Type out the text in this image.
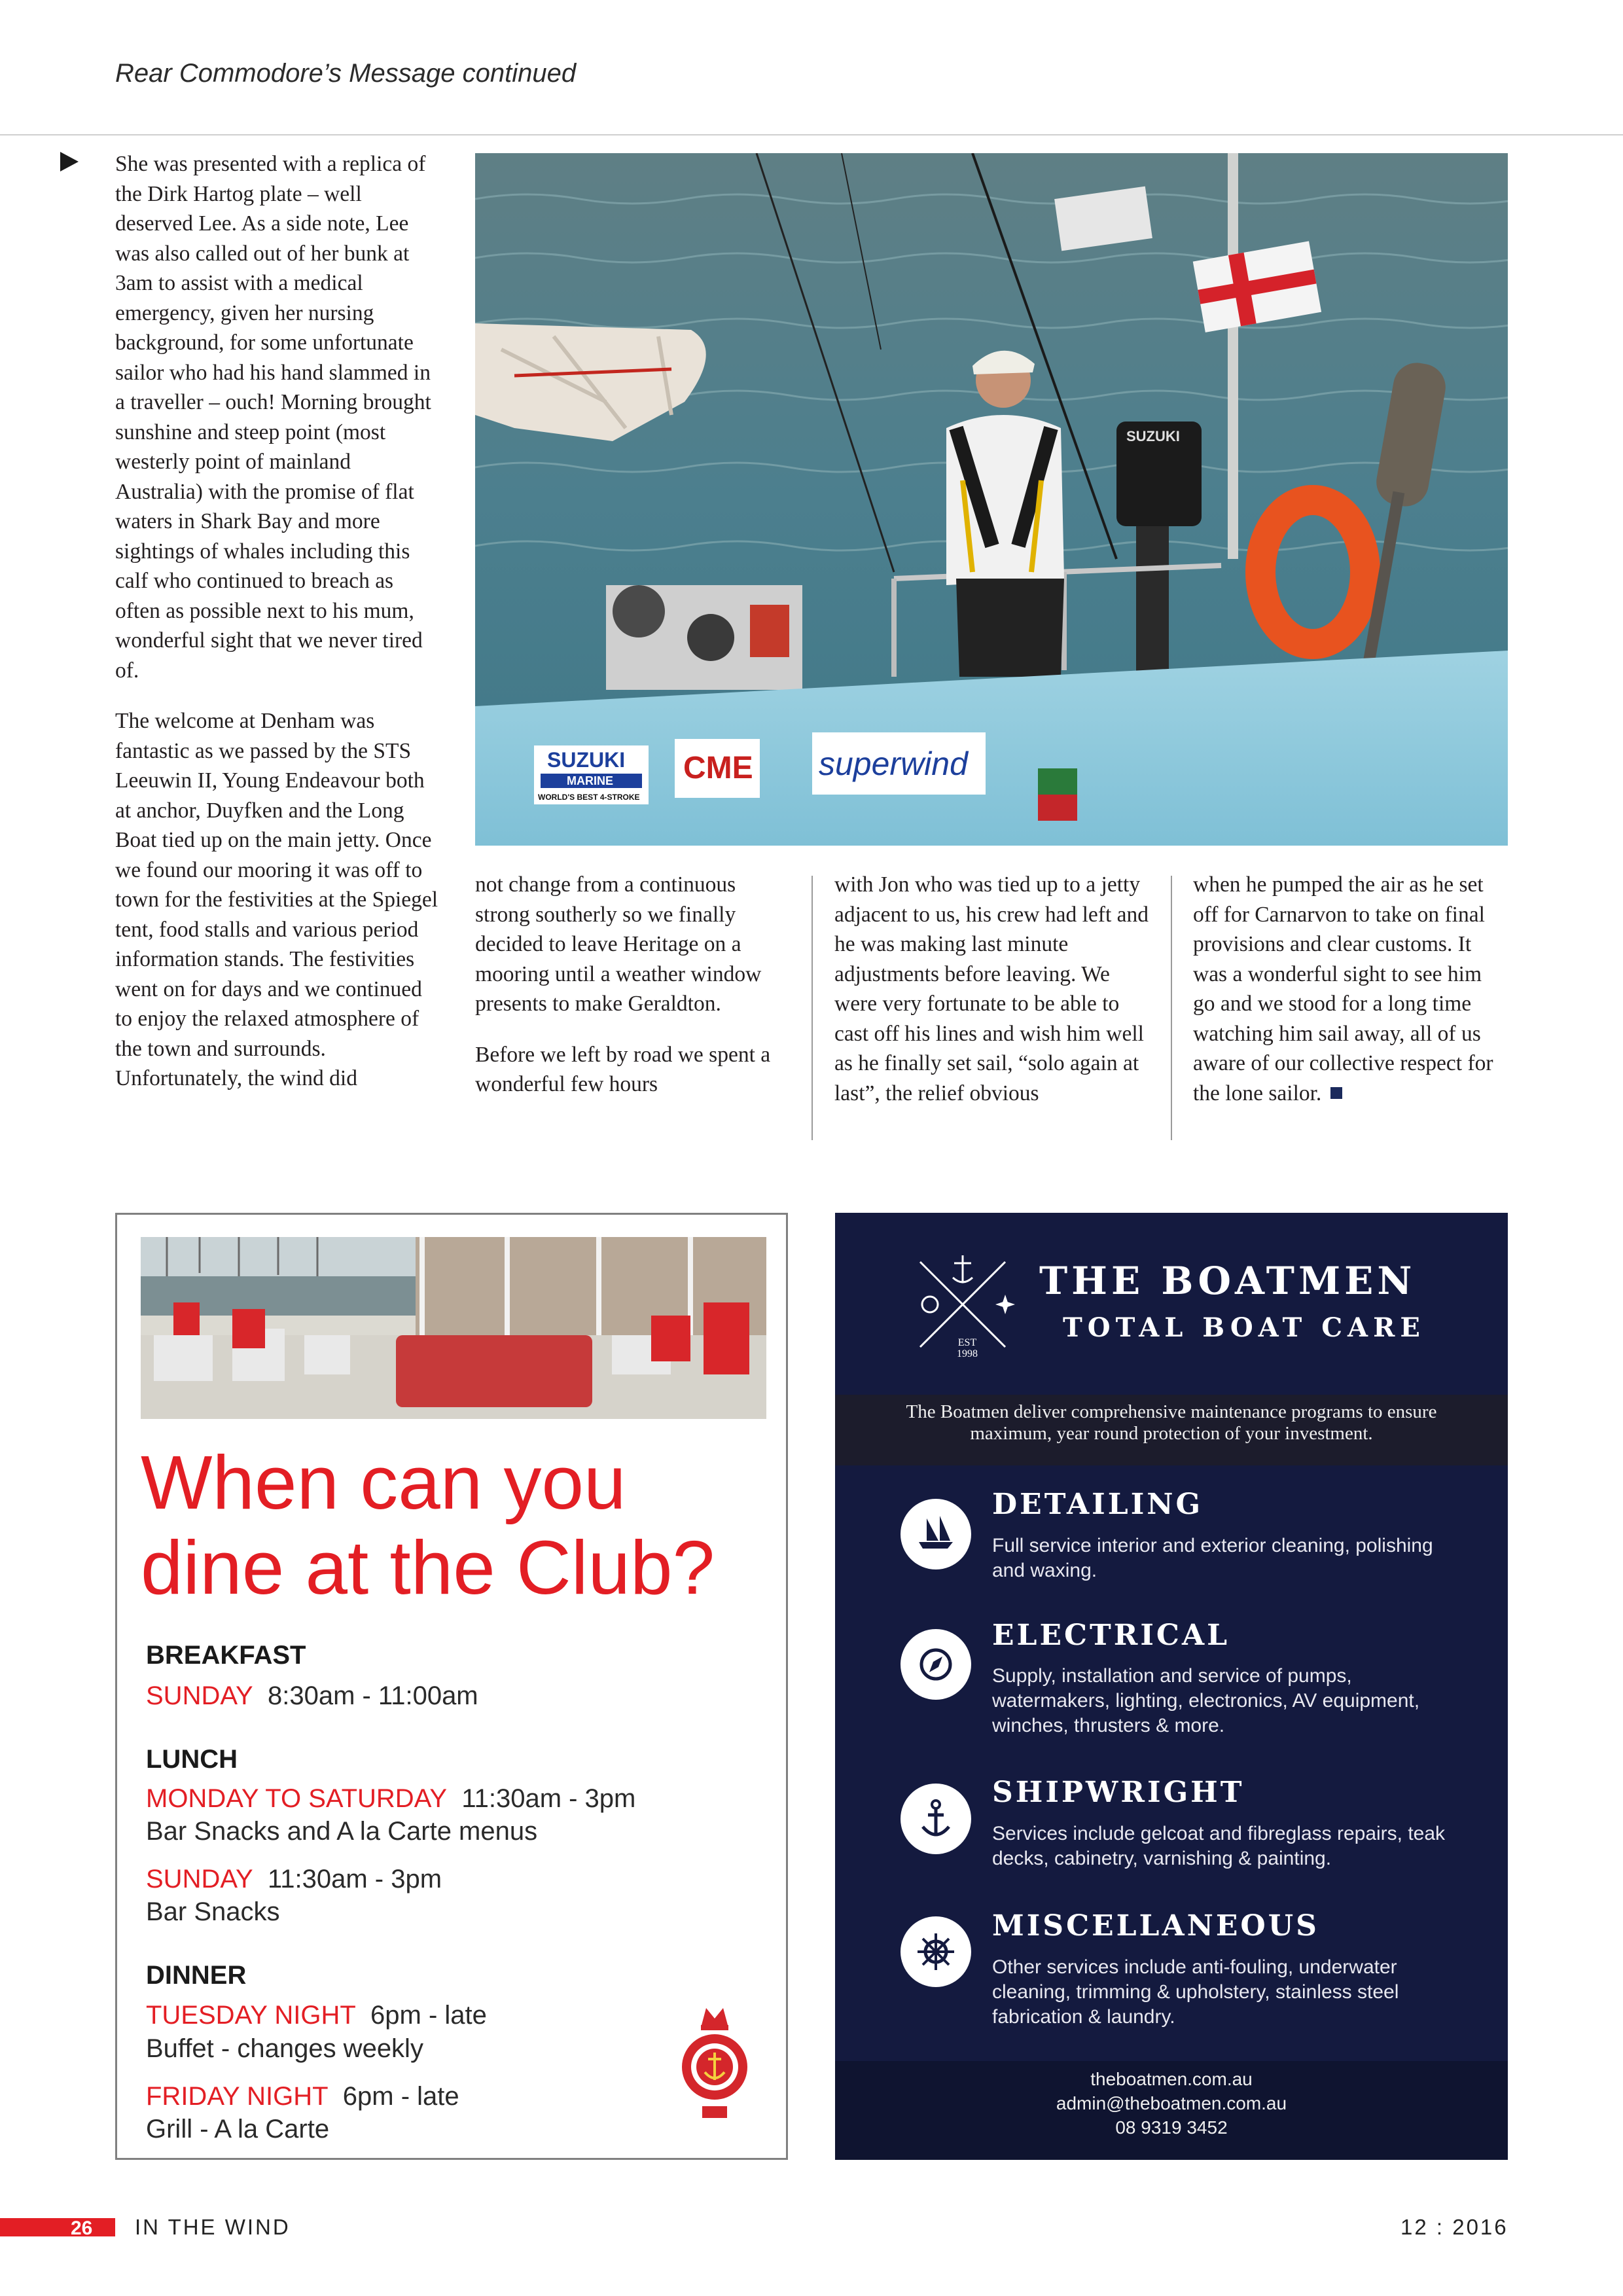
Rear Commodore’s Message continued

She was presented with a replica of the Dirk Hartog plate – well deserved Lee. As a side note, Lee was also called out of her bunk at 3am to assist with a medical emergency, given her nursing background, for some unfortunate sailor who had his hand slammed in a traveller – ouch! Morning brought sunshine and steep point (most westerly point of mainland Australia) with the promise of flat waters in Shark Bay and more sightings of whales including this calf who continued to breach as often as possible next to his mum, wonderful sight that we never tired of.

The welcome at Denham was fantastic as we passed by the STS Leeuwin II, Young Endeavour both at anchor, Duyfken and the Long Boat tied up on the main jetty. Once we found our mooring it was off to town for the festivities at the Spiegel tent, food stalls and various period information stands. The festivities went on for days and we continued to enjoy the relaxed atmosphere of the town and surrounds. Unfortunately, the wind did

SUZUKI
SUZUKI
MARINE
WORLD'S BEST 4-STROKE
CME superwind

not change from a continuous strong southerly so we finally decided to leave Heritage on a mooring until a weather window presents to make Geraldton.

Before we left by road we spent a wonderful few hours

with Jon who was tied up to a jetty adjacent to us, his crew had left and he was making last minute adjustments before leaving. We were very fortunate to be able to cast off his lines and wish him well as he finally set sail, “solo again at last”, the relief obvious

when he pumped the air as he set off for Carnarvon to take on final provisions and clear customs. It was a wonderful sight to see him go and we stood for a long time watching him sail away, all of us aware of our collective respect for the lone sailor.

When can you
dine at the Club?
BREAKFAST
SUNDAY 8:30am - 11:00am
LUNCH
MONDAY TO SATURDAY 11:30am - 3pm
Bar Snacks and A la Carte menus
SUNDAY 11:30am - 3pm
Bar Snacks
DINNER
TUESDAY NIGHT 6pm - late
Buffet - changes weekly
FRIDAY NIGHT 6pm - late
Grill - A la Carte
EST
1998
THE BOATMEN
TOTAL BOAT CARE
The Boatmen deliver comprehensive maintenance programs to ensure maximum, year round protection of your investment.
DETAILING
Full service interior and exterior cleaning, polishing and waxing.
ELECTRICAL
Supply, installation and service of pumps, watermakers, lighting, electronics, AV equipment, winches, thrusters & more.
SHIPWRIGHT
Services include gelcoat and fibreglass repairs, teak decks, cabinetry, varnishing & painting.
MISCELLANEOUS
Other services include anti-fouling, underwater cleaning, trimming & upholstery, stainless steel fabrication & laundry.
theboatmen.com.au
admin@theboatmen.com.au
08 9319 3452
26 IN THE WIND	12 : 2016
